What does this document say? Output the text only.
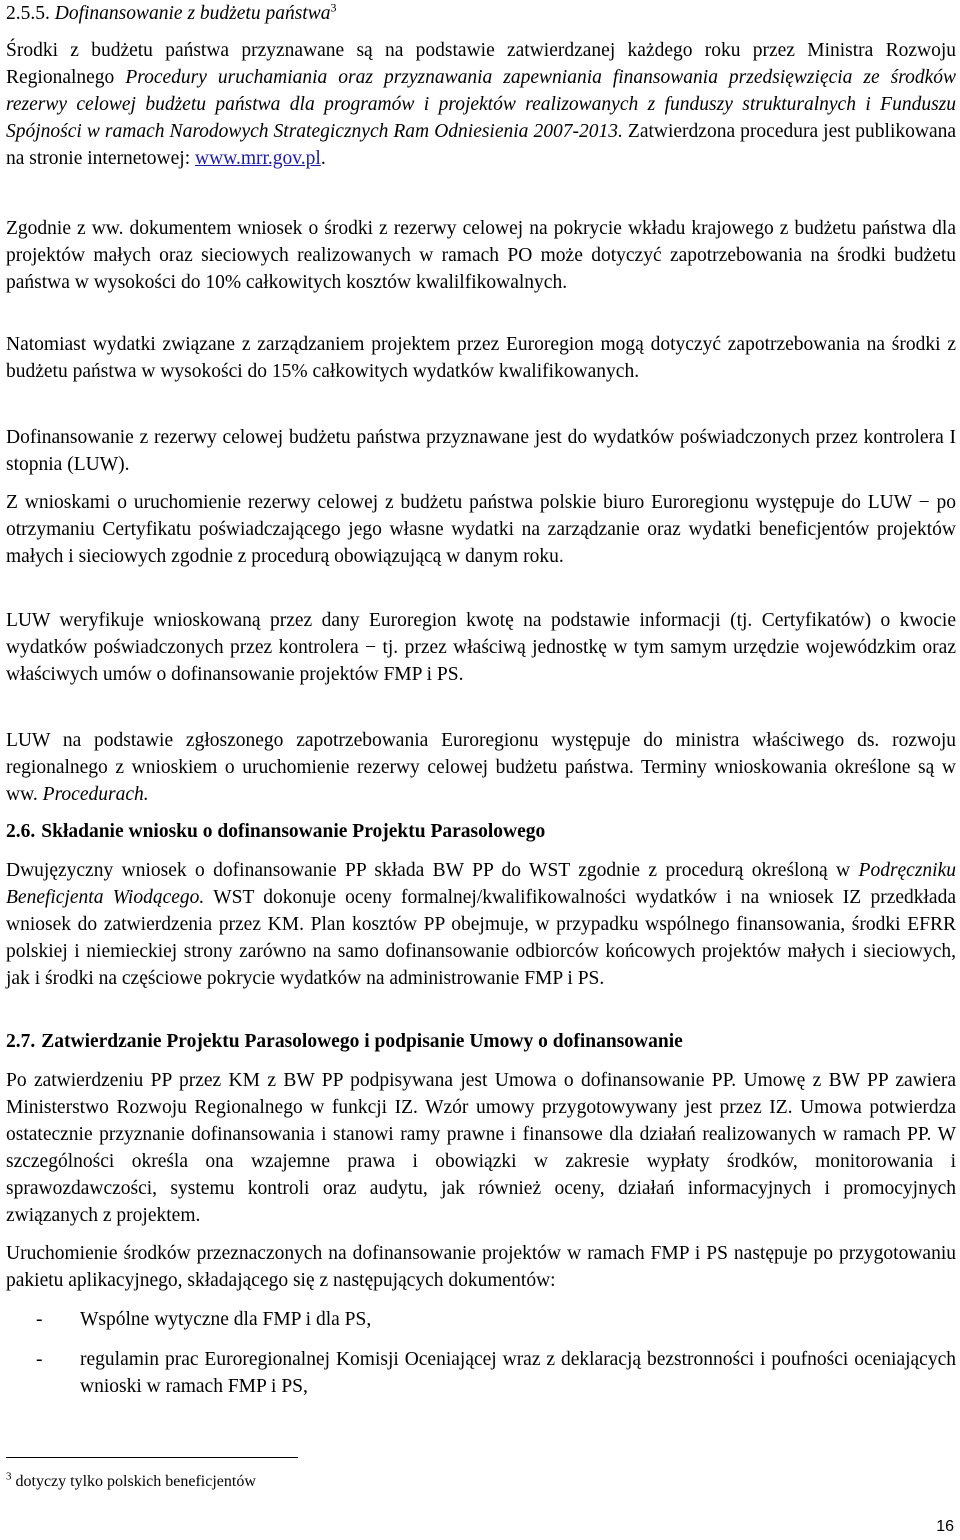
2.5.5. Dofinansowanie z budżetu państwa$^3$

Środki z budżetu państwa przyznawane są na podstawie zatwierdzanej każdego roku przez Ministra Rozwoju Regionalnego Procedury uruchamiania oraz przyznawania zapewniania finansowania przedsięwzięcia ze środków rezerwy celowej budżetu państwa dla programów i projektów realizowanych z funduszy strukturalnych i Funduszu Spójności w ramach Narodowych Strategicznych Ram Odniesienia 2007-2013. Zatwierdzona procedura jest publikowana na stronie internetowej: www.mrr.gov.pl.

Zgodnie z ww. dokumentem wniosek o środki z rezerwy celowej na pokrycie wkładu krajowego z budżetu państwa dla projektów małych oraz sieciowych realizowanych w ramach PO może dotyczyć zapotrzebowania na środki budżetu państwa w wysokości do 10% całkowitych kosztów kwalilfikowalnych.

Natomiast wydatki związane z zarządzaniem projektem przez Euroregion mogą dotyczyć zapotrzebowania na środki z budżetu państwa w wysokości do 15% całkowitych wydatków kwalifikowanych.

Dofinansowanie z rezerwy celowej budżetu państwa przyznawane jest do wydatków poświadczonych przez kontrolera I stopnia (LUW).

Z wnioskami o uruchomienie rezerwy celowej z budżetu państwa polskie biuro Euroregionu występuje do LUW − po otrzymaniu Certyfikatu poświadczającego jego własne wydatki na zarządzanie oraz wydatki beneficjentów projektów małych i sieciowych zgodnie z procedurą obowiązującą w danym roku.

LUW weryfikuje wnioskowaną przez dany Euroregion kwotę na podstawie informacji (tj. Certyfikatów) o kwocie wydatków poświadczonych przez kontrolera − tj. przez właściwą jednostkę w tym samym urzędzie wojewódzkim oraz właściwych umów o dofinansowanie projektów FMP i PS.

LUW na podstawie zgłoszonego zapotrzebowania Euroregionu występuje do ministra właściwego ds. rozwoju regionalnego z wnioskiem o uruchomienie rezerwy celowej budżetu państwa. Terminy wnioskowania określone są w ww. Procedurach.

2.6. Składanie wniosku o dofinansowanie Projektu Parasolowego

Dwujęzyczny wniosek o dofinansowanie PP składa BW PP do WST zgodnie z procedurą określoną w Podręczniku Beneficjenta Wiodącego. WST dokonuje oceny formalnej/kwalifikowalności wydatków i na wniosek IZ przedkłada wniosek do zatwierdzenia przez KM. Plan kosztów PP obejmuje, w przypadku wspólnego finansowania, środki EFRR polskiej i niemieckiej strony zarówno na samo dofinansowanie odbiorców końcowych projektów małych i sieciowych, jak i środki na częściowe pokrycie wydatków na administrowanie FMP i PS.

2.7. Zatwierdzanie Projektu Parasolowego i podpisanie Umowy o dofinansowanie

Po zatwierdzeniu PP przez KM z BW PP podpisywana jest Umowa o dofinansowanie PP. Umowę z BW PP zawiera Ministerstwo Rozwoju Regionalnego w funkcji IZ. Wzór umowy przygotowywany jest przez IZ. Umowa potwierdza ostatecznie przyznanie dofinansowania i stanowi ramy prawne i finansowe dla działań realizowanych w ramach PP. W szczególności określa ona wzajemne prawa i obowiązki w zakresie wypłaty środków, monitorowania i sprawozdawczości, systemu kontroli oraz audytu, jak również oceny, działań informacyjnych i promocyjnych związanych z projektem.

Uruchomienie środków przeznaczonych na dofinansowanie projektów w ramach FMP i PS następuje po przygotowaniu pakietu aplikacyjnego, składającego się z następujących dokumentów:

- Wspólne wytyczne dla FMP i dla PS,
- regulamin prac Euroregionalnej Komisji Oceniającej wraz z deklaracją bezstronności i poufności oceniających wnioski w ramach FMP i PS,
$^3$ dotyczy tylko polskich beneficjentów
16
